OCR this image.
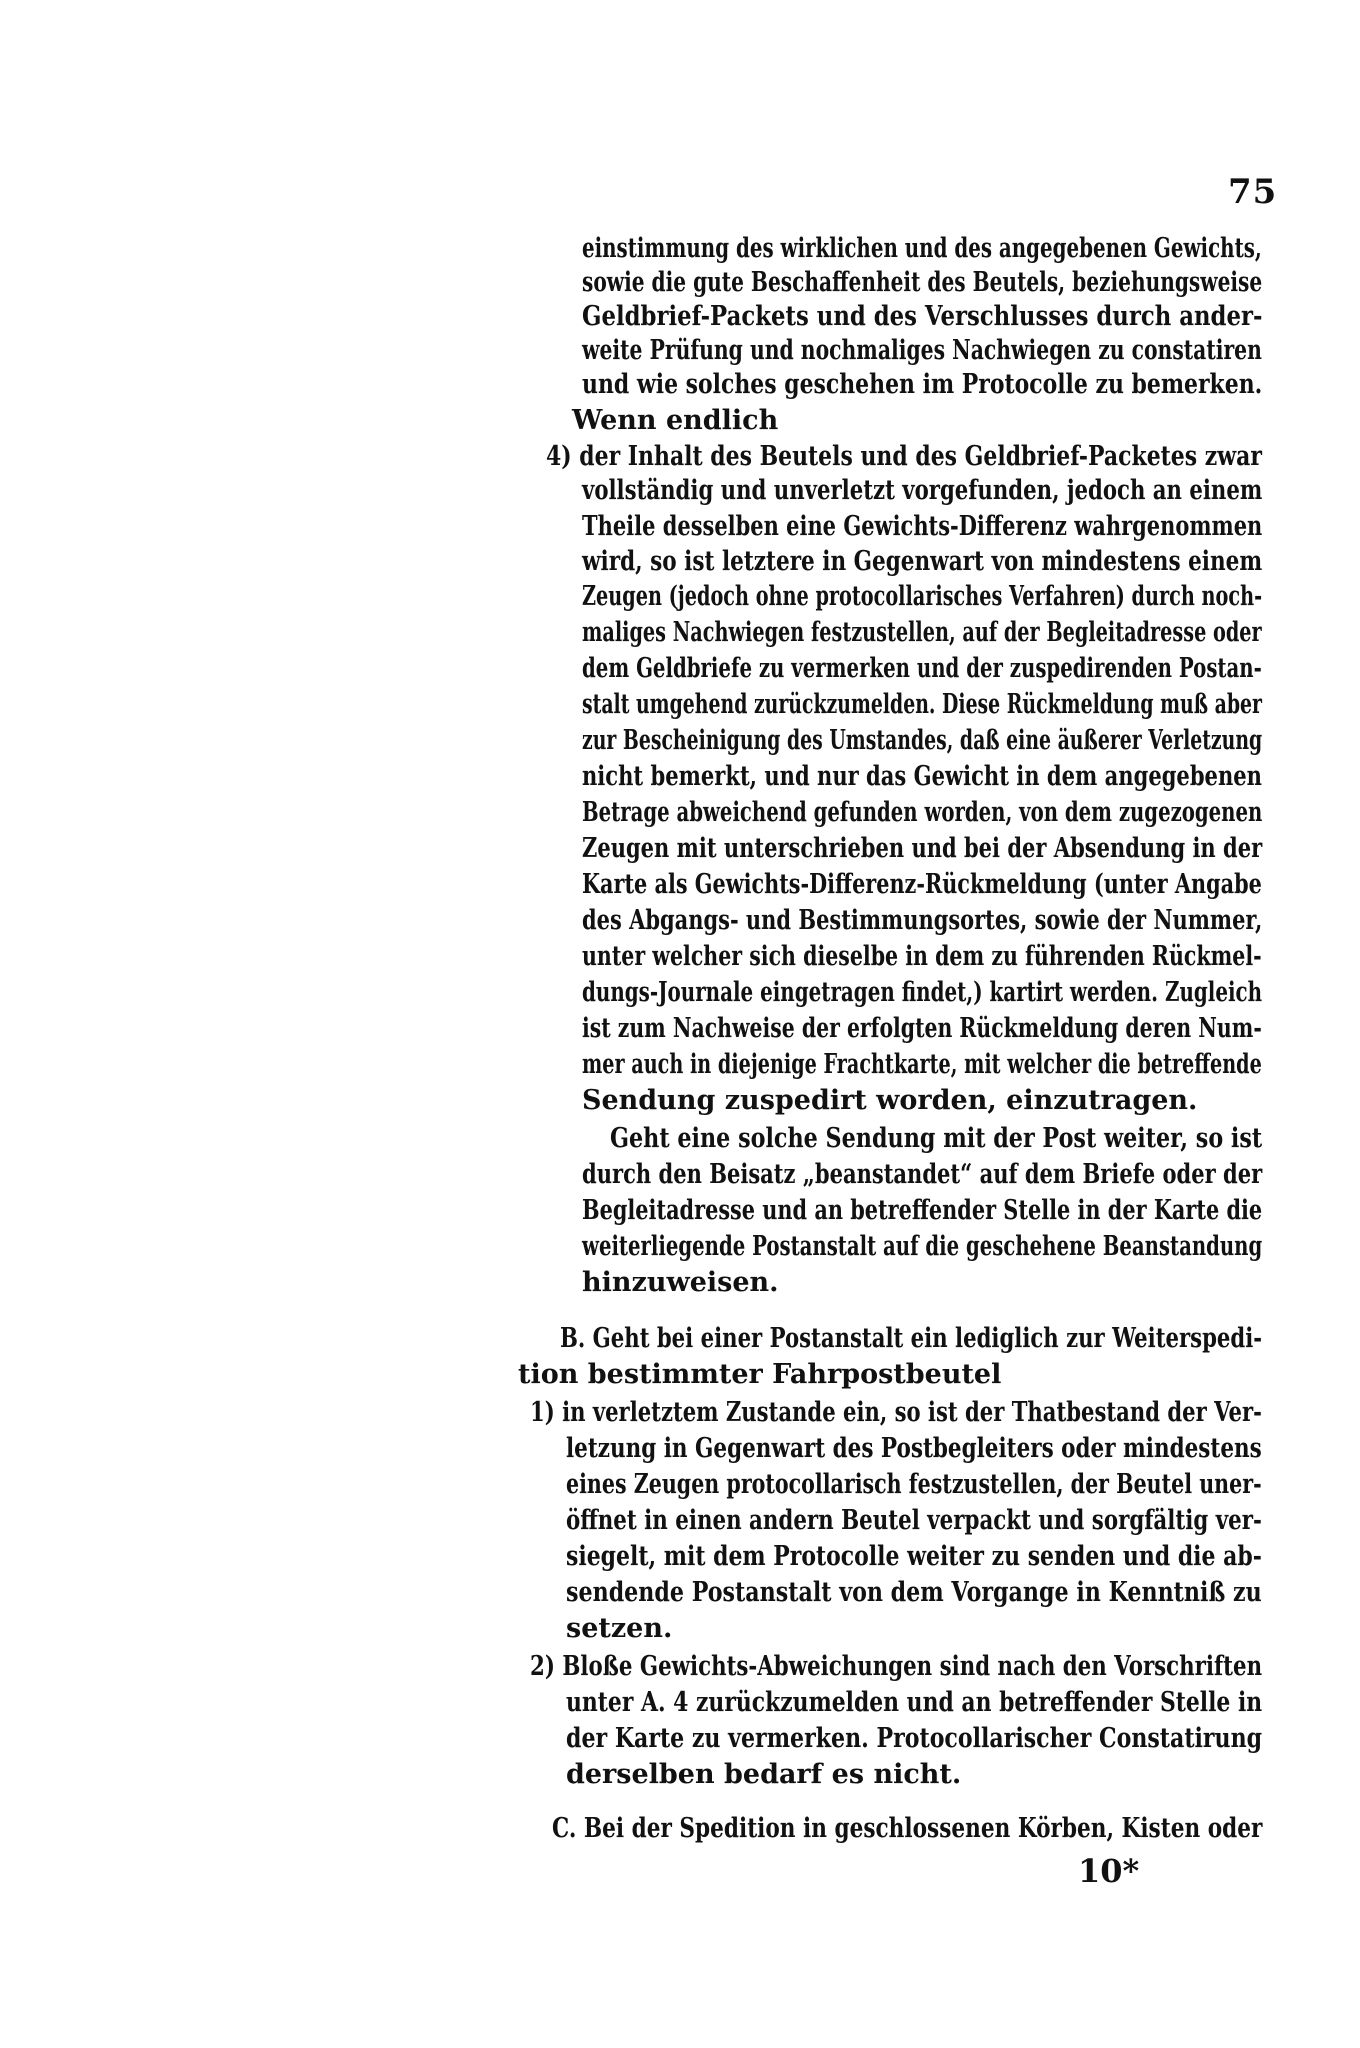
75
einstimmung des wirklichen und des angegebenen Gewichts,
sowie die gute Beschaffenheit des Beutels, beziehungsweise
Geldbrief-Packets und des Verschlusses durch ander-
weite Prüfung und nochmaliges Nachwiegen zu constatiren
und wie solches geschehen im Protocolle zu bemerken.
Wenn endlich
4) der Inhalt des Beutels und des Geldbrief-Packetes zwar
vollständig und unverletzt vorgefunden, jedoch an einem
Theile desselben eine Gewichts-Differenz wahrgenommen
wird, so ist letztere in Gegenwart von mindestens einem
Zeugen (jedoch ohne protocollarisches Verfahren) durch noch-
maliges Nachwiegen festzustellen, auf der Begleitadresse oder
dem Geldbriefe zu vermerken und der zuspedirenden Postan-
stalt umgehend zurückzumelden. Diese Rückmeldung muß aber
zur Bescheinigung des Umstandes, daß eine äußerer Verletzung
nicht bemerkt, und nur das Gewicht in dem angegebenen
Betrage abweichend gefunden worden, von dem zugezogenen
Zeugen mit unterschrieben und bei der Absendung in der
Karte als Gewichts-Differenz-Rückmeldung (unter Angabe
des Abgangs- und Bestimmungsortes, sowie der Nummer,
unter welcher sich dieselbe in dem zu führenden Rückmel-
dungs-Journale eingetragen findet,) kartirt werden. Zugleich
ist zum Nachweise der erfolgten Rückmeldung deren Num-
mer auch in diejenige Frachtkarte, mit welcher die betreffende
Sendung zuspedirt worden, einzutragen.
Geht eine solche Sendung mit der Post weiter, so ist
durch den Beisatz „beanstandet“ auf dem Briefe oder der
Begleitadresse und an betreffender Stelle in der Karte die
weiterliegende Postanstalt auf die geschehene Beanstandung
hinzuweisen.
B. Geht bei einer Postanstalt ein lediglich zur Weiterspedi-
tion bestimmter Fahrpostbeutel
1) in verletztem Zustande ein, so ist der Thatbestand der Ver-
letzung in Gegenwart des Postbegleiters oder mindestens
eines Zeugen protocollarisch festzustellen, der Beutel uner-
öffnet in einen andern Beutel verpackt und sorgfältig ver-
siegelt, mit dem Protocolle weiter zu senden und die ab-
sendende Postanstalt von dem Vorgange in Kenntniß zu
setzen.
2) Bloße Gewichts-Abweichungen sind nach den Vorschriften
unter A. 4 zurückzumelden und an betreffender Stelle in
der Karte zu vermerken. Protocollarischer Constatirung
derselben bedarf es nicht.
C. Bei der Spedition in geschlossenen Körben, Kisten oder
10*
